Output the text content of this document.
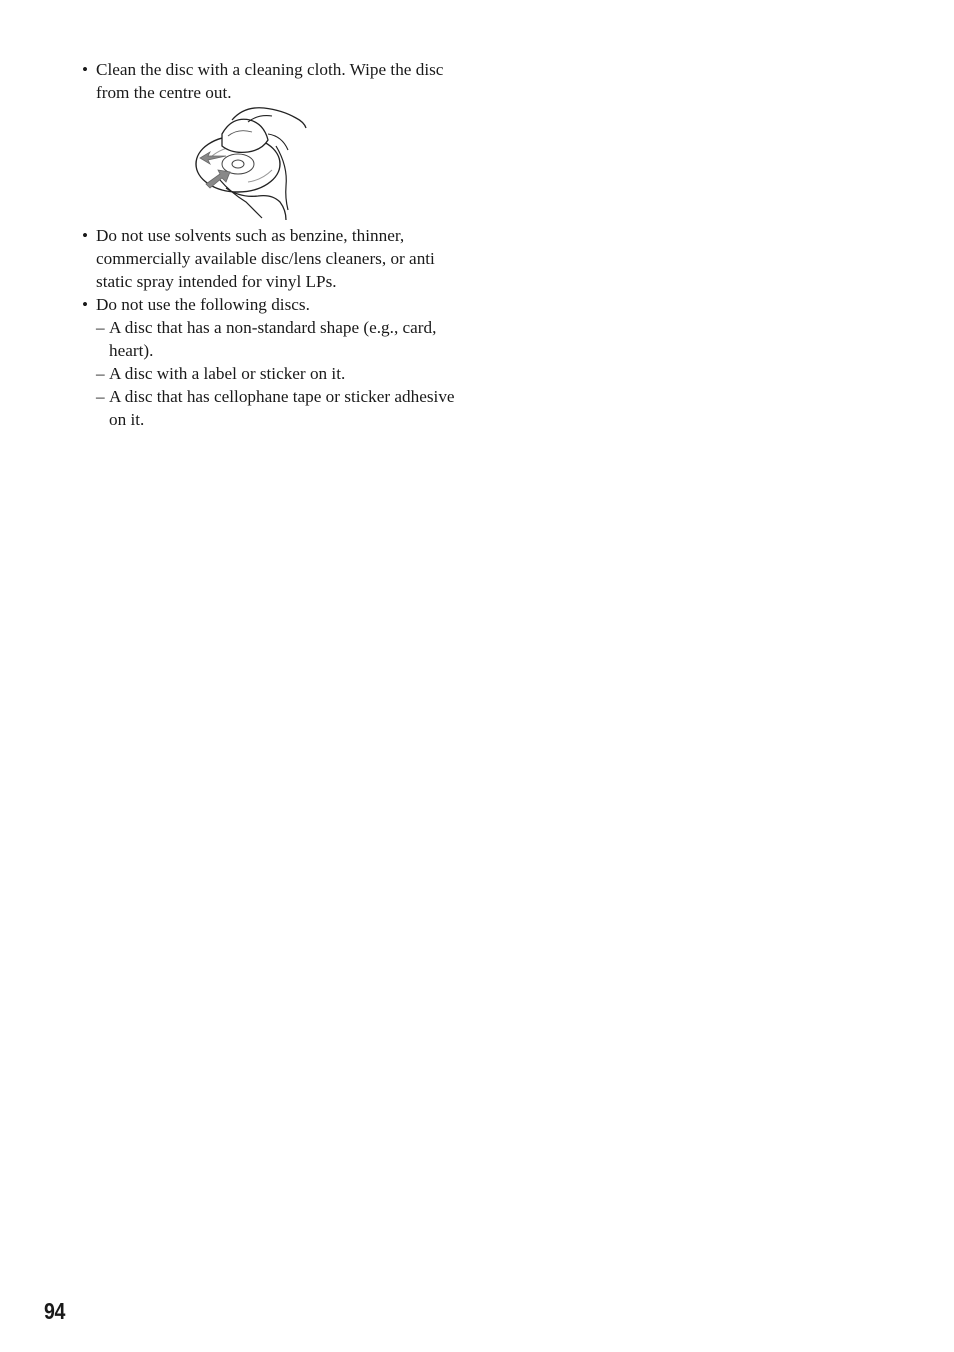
• Clean the disc with a cleaning cloth. Wipe the disc from the centre out.

• Do not use solvents such as benzine, thinner, commercially available disc/lens cleaners, or anti static spray intended for vinyl LPs.

• Do not use the following discs.

– A disc that has a non-standard shape (e.g., card, heart).

– A disc with a label or sticker on it.

– A disc that has cellophane tape or sticker adhesive on it.

94
